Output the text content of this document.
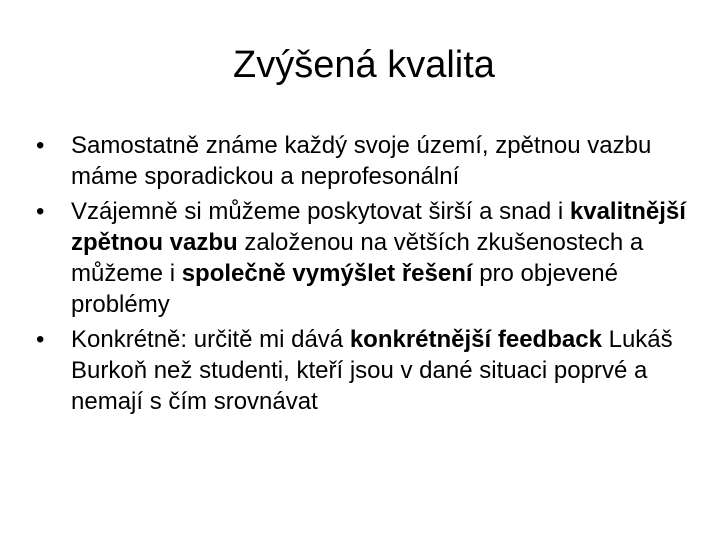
Zvýšená kvalita
•	Samostatně známe každý svoje území, zpětnou vazbu máme sporadickou a neprofesonální
•	Vzájemně si můžeme poskytovat širší a snad i kvalitnější zpětnou vazbu založenou na větších zkušenostech a můžeme i společně vymýšlet řešení pro objevené problémy
•	Konkrétně: určitě mi dává konkrétnější feedback Lukáš Burkoň než studenti, kteří jsou v dané situaci poprvé a nemají s čím srovnávat
